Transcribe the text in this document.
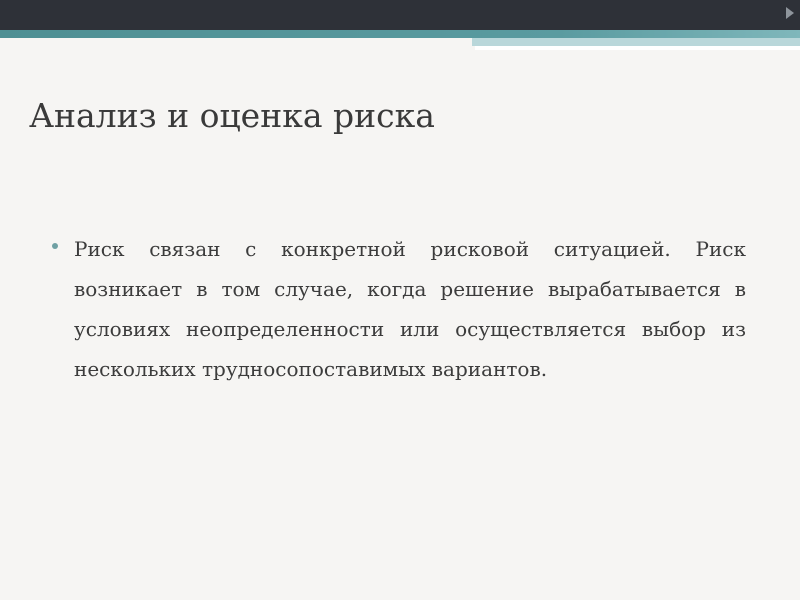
Анализ и оценка риска
Риск связан с конкретной рисковой ситуацией. Риск возникает в том случае, когда решение вырабатывается в условиях неопределенности или осуществляется выбор из нескольких трудносопоставимых вариантов.
